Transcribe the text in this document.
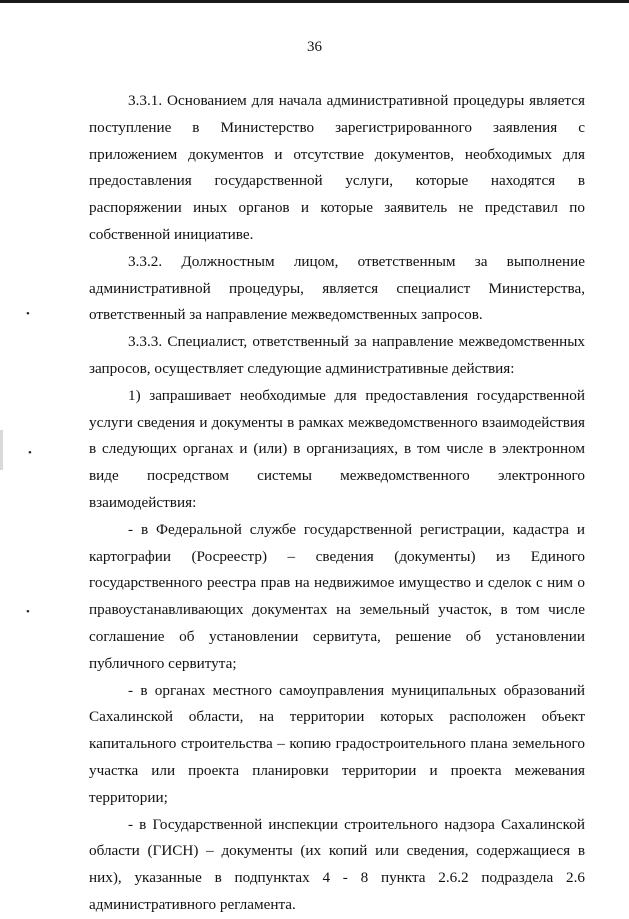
36

3.3.1. Основанием для начала административной процедуры является поступление в Министерство зарегистрированного заявления с приложением документов и отсутствие документов, необходимых для предоставления государственной услуги, которые находятся в распоряжении иных органов и которые заявитель не представил по собственной инициативе.

3.3.2. Должностным лицом, ответственным за выполнение административной процедуры, является специалист Министерства, ответственный за направление межведомственных запросов.

3.3.3. Специалист, ответственный за направление межведомственных запросов, осуществляет следующие административные действия:

1) запрашивает необходимые для предоставления государственной услуги сведения и документы в рамках межведомственного взаимодействия в следующих органах и (или) в организациях, в том числе в электронном виде посредством системы межведомственного электронного взаимодействия:

- в Федеральной службе государственной регистрации, кадастра и картографии (Росреестр) – сведения (документы) из Единого государственного реестра прав на недвижимое имущество и сделок с ним о правоустанавливающих документах на земельный участок, в том числе соглашение об установлении сервитута, решение об установлении публичного сервитута;

- в органах местного самоуправления муниципальных образований Сахалинской области, на территории которых расположен объект капитального строительства – копию градостроительного плана земельного участка или проекта планировки территории и проекта межевания территории;

- в Государственной инспекции строительного надзора Сахалинской области (ГИСН) – документы (их копий или сведения, содержащиеся в них), указанные в подпунктах 4 - 8 пункта 2.6.2 подраздела 2.6 административного регламента.

•
•
•
